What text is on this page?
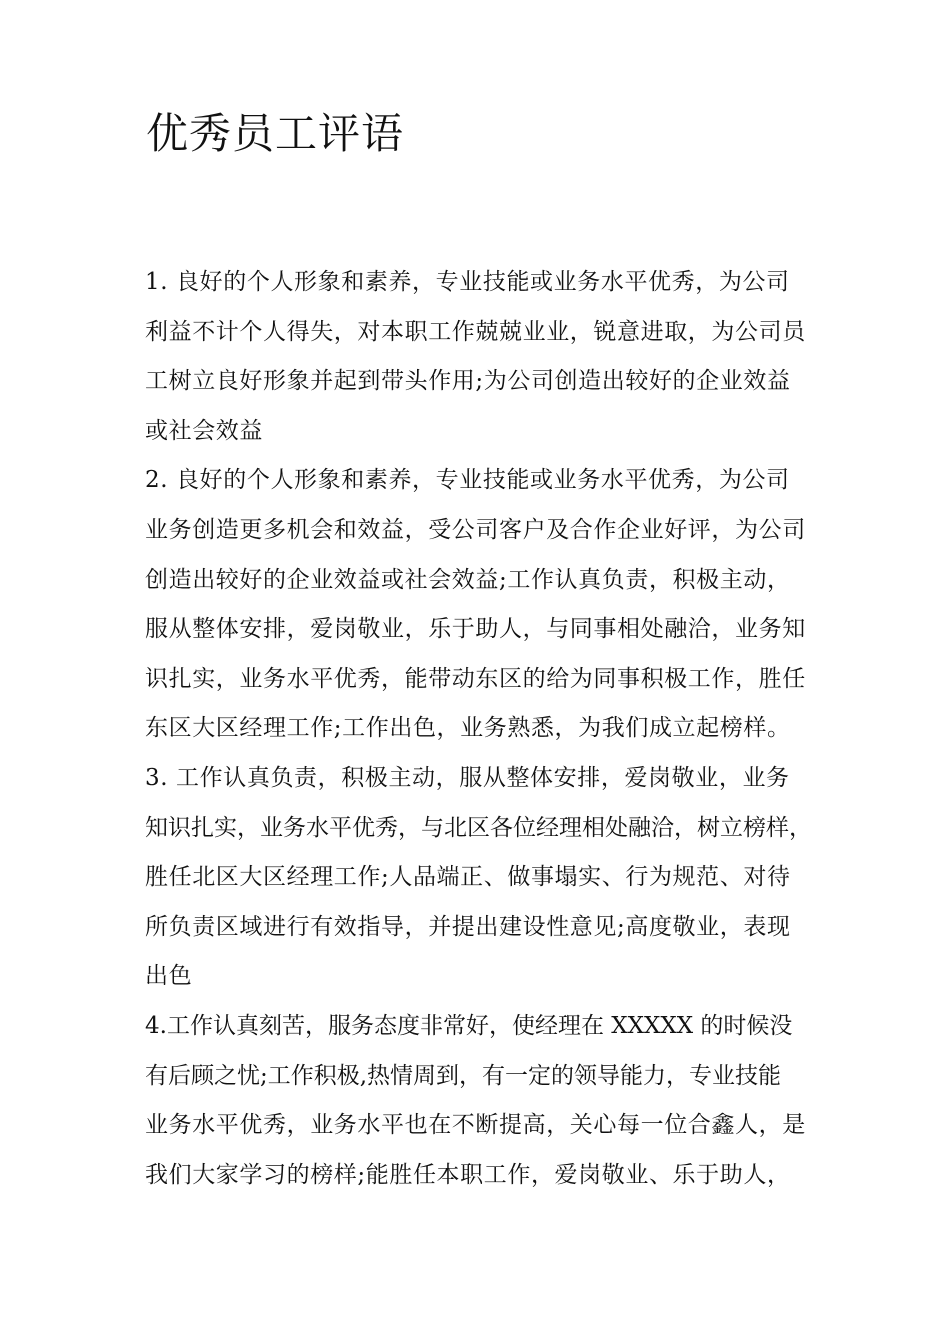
优秀员工评语
1. 良好的个人形象和素养，专业技能或业务水平优秀，为公司
利益不计个人得失，对本职工作兢兢业业，锐意进取，为公司员
工树立良好形象并起到带头作用;为公司创造出较好的企业效益
或社会效益
2. 良好的个人形象和素养，专业技能或业务水平优秀，为公司
业务创造更多机会和效益，受公司客户及合作企业好评，为公司
创造出较好的企业效益或社会效益;工作认真负责，积极主动，
服从整体安排，爱岗敬业，乐于助人，与同事相处融洽，业务知
识扎实，业务水平优秀，能带动东区的给为同事积极工作，胜任
东区大区经理工作;工作出色，业务熟悉，为我们成立起榜样。
3. 工作认真负责，积极主动，服从整体安排，爱岗敬业，业务
知识扎实，业务水平优秀，与北区各位经理相处融洽，树立榜样，
胜任北区大区经理工作;人品端正、做事塌实、行为规范、对待
所负责区域进行有效指导，并提出建设性意见;高度敬业，表现
出色
4.工作认真刻苦，服务态度非常好，使经理在 XXXXX 的时候没
有后顾之忧;工作积极,热情周到，有一定的领导能力，专业技能
业务水平优秀，业务水平也在不断提高，关心每一位合鑫人，是
我们大家学习的榜样;能胜任本职工作，爱岗敬业、乐于助人，
